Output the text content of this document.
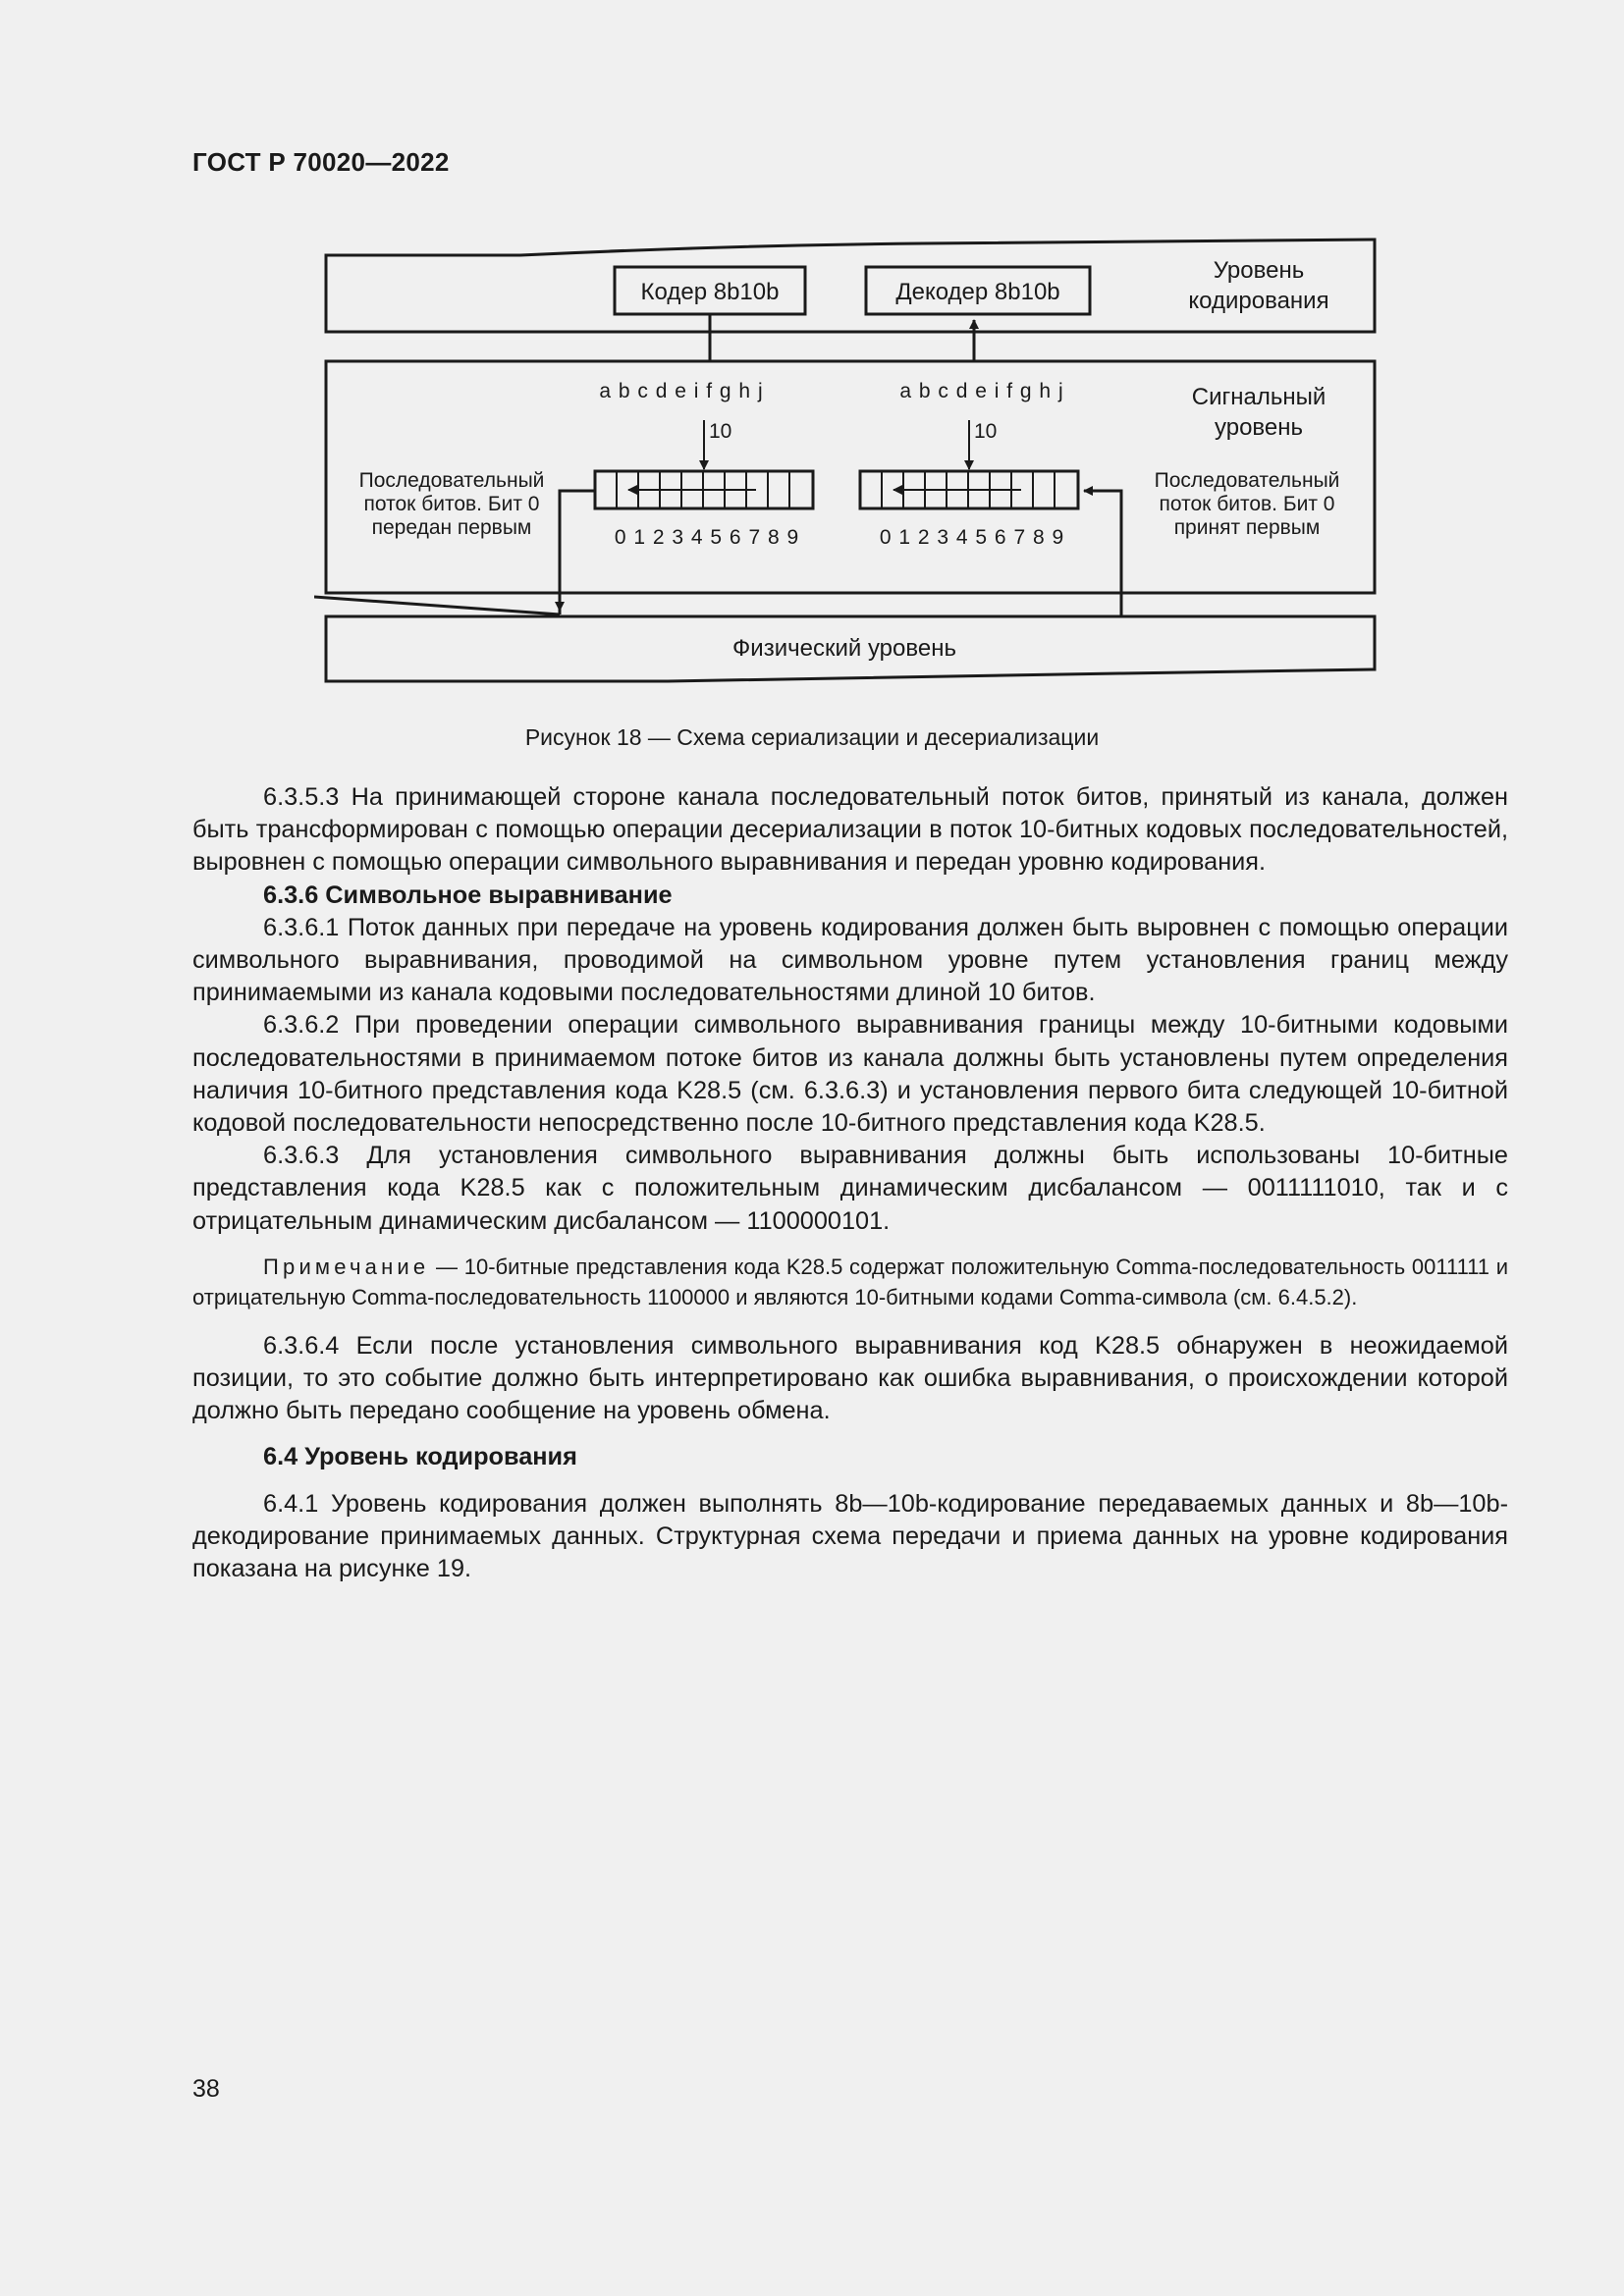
ГОСТ Р 70020—2022
Кодер 8b10b	Декодер 8b10b
Уровень
кодирования
Сигнальный
уровень
a b c d e i f g h j
10
0 1 2 3 4 5 6 7 8 9
Последовательный
поток битов. Бит 0
передан первым
a b c d e i f g h j
10
0 1 2 3 4 5 6 7 8 9
Последовательный
поток битов. Бит 0
принят первым
Физический уровень
Рисунок 18 — Схема сериализации и десериализации

6.3.5.3 На принимающей стороне канала последовательный поток битов, принятый из канала, должен быть трансформирован с помощью операции десериализации в поток 10-битных кодовых последовательностей, выровнен с помощью операции символьного выравнивания и передан уровню кодирования.

6.3.6 Символьное выравнивание

6.3.6.1 Поток данных при передаче на уровень кодирования должен быть выровнен с помощью операции символьного выравнивания, проводимой на символьном уровне путем установления границ между принимаемыми из канала кодовыми последовательностями длиной 10 битов.

6.3.6.2 При проведении операции символьного выравнивания границы между 10-битными кодовыми последовательностями в принимаемом потоке битов из канала должны быть установлены путем определения наличия 10-битного представления кода K28.5 (см. 6.3.6.3) и установления первого бита следующей 10-битной кодовой последовательности непосредственно после 10-битного представления кода K28.5.

6.3.6.3 Для установления символьного выравнивания должны быть использованы 10-битные представления кода K28.5 как с положительным динамическим дисбалансом — 0011111010, так и с отрицательным динамическим дисбалансом — 1100000101.

Примечание — 10-битные представления кода K28.5 содержат положительную Comma-последовательность 0011111 и отрицательную Comma-последовательность 1100000 и являются 10-битными кодами Comma-символа (см. 6.4.5.2).

6.3.6.4 Если после установления символьного выравнивания код K28.5 обнаружен в неожидаемой позиции, то это событие должно быть интерпретировано как ошибка выравнивания, о происхождении которой должно быть передано сообщение на уровень обмена.

6.4 Уровень кодирования

6.4.1 Уровень кодирования должен выполнять 8b—10b-кодирование передаваемых данных и 8b—10b-декодирование принимаемых данных. Структурная схема передачи и приема данных на уровне кодирования показана на рисунке 19.

38
